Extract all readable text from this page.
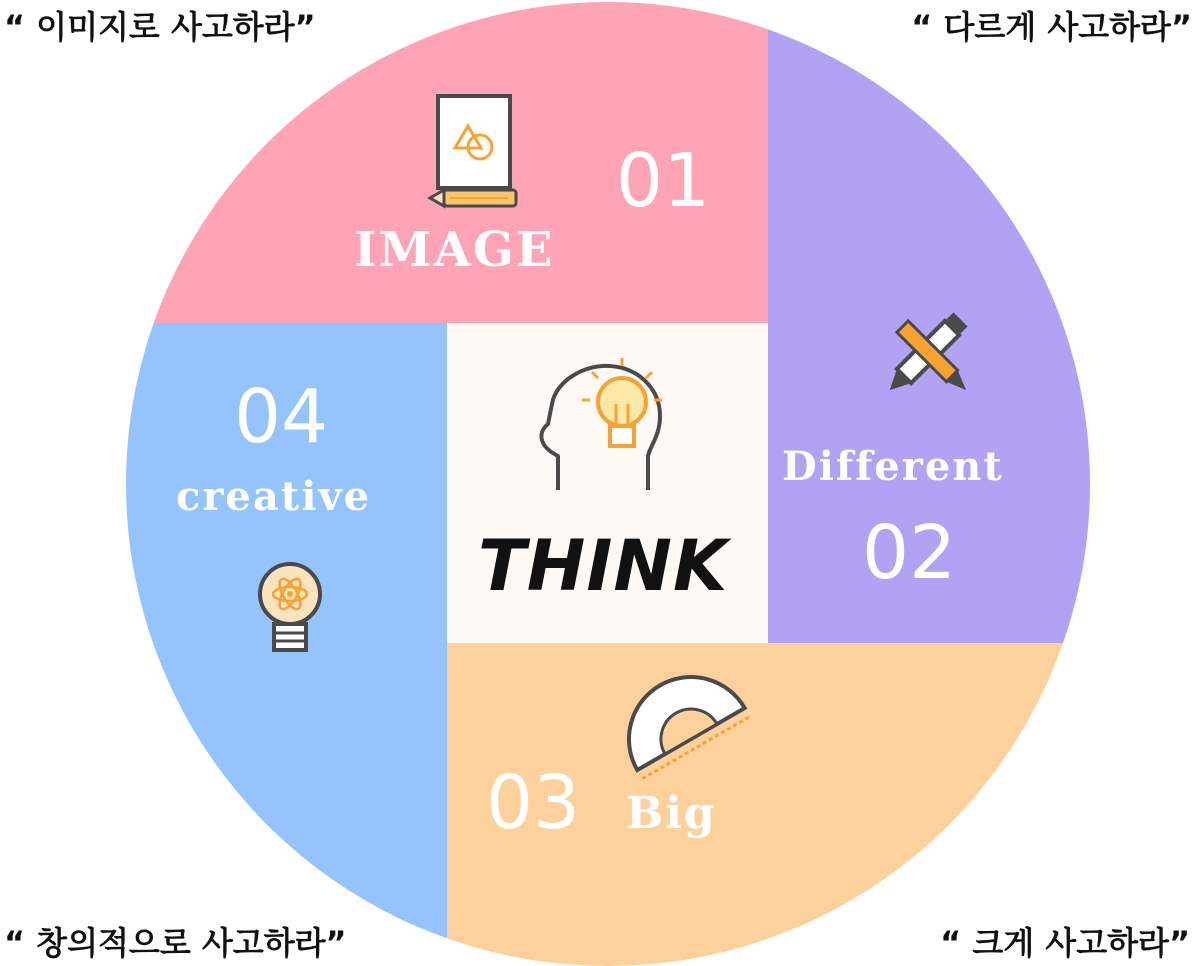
01
IMAGE
Different
02
03 Big
04
creative
THINK
“ 이미지로 사고하라”	“ 다르게 사고하라”
“ 창의적으로 사고하라”	“ 크게 사고하라”
